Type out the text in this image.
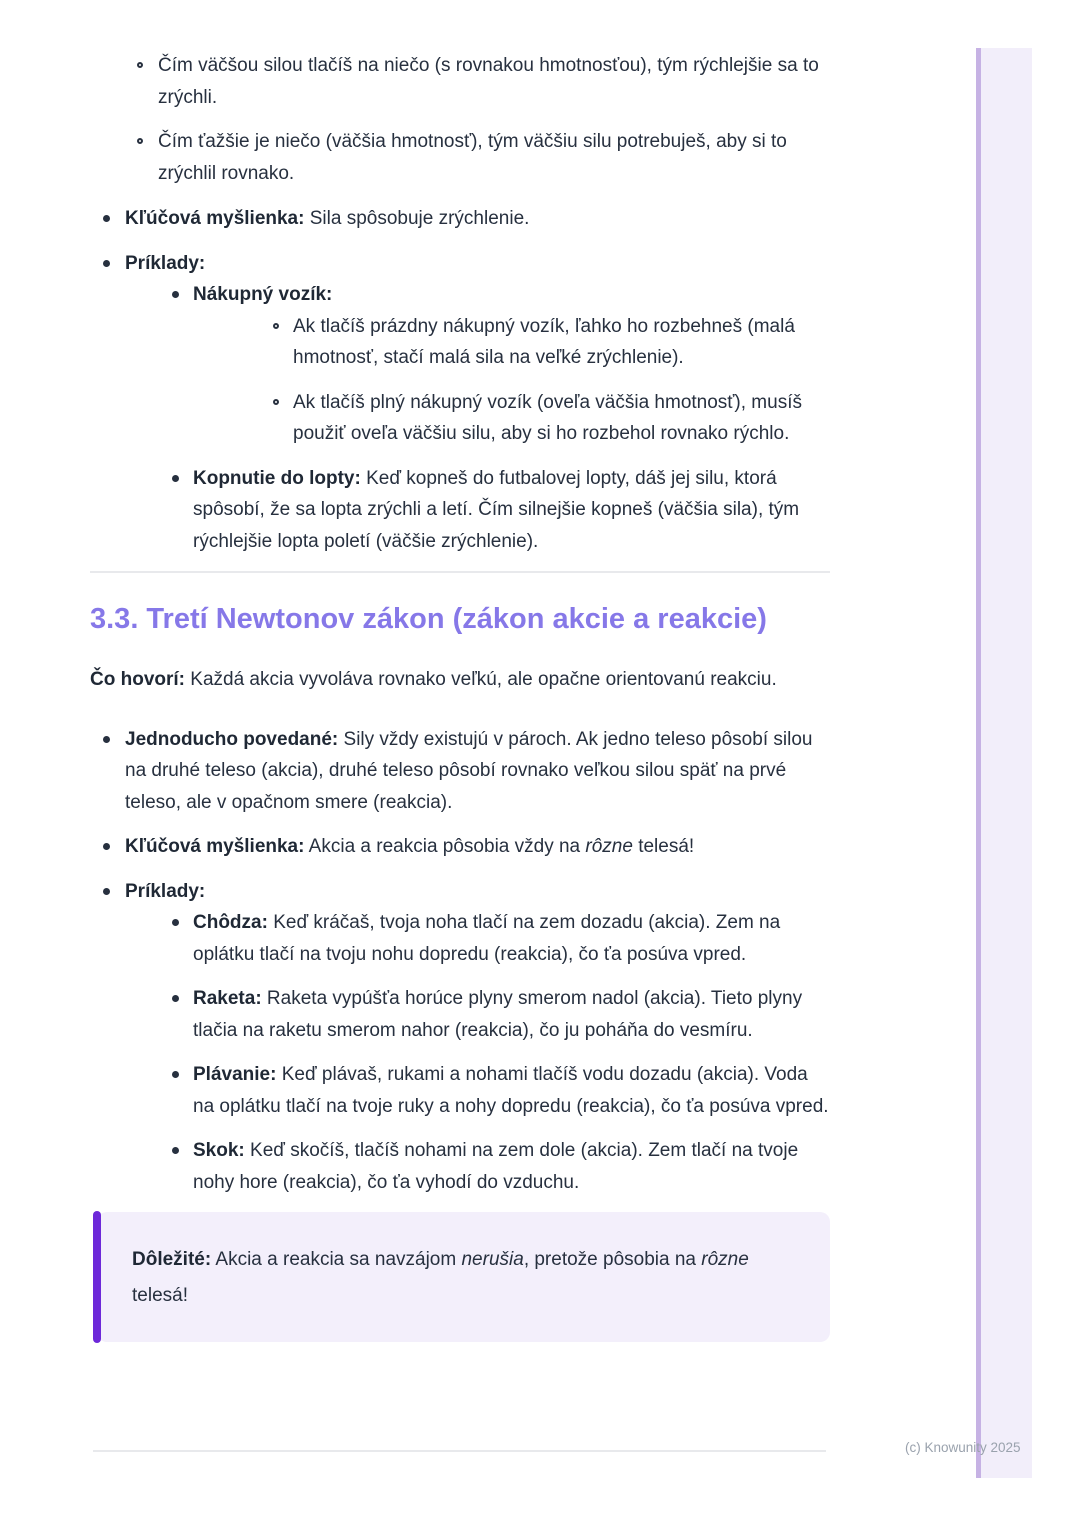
Čím väčšou silou tlačíš na niečo (s rovnakou hmotnosťou), tým rýchlejšie sa to zrýchli.
Čím ťažšie je niečo (väčšia hmotnosť), tým väčšiu silu potrebuješ, aby si to zrýchlil rovnako.
Kľúčová myšlienka: Sila spôsobuje zrýchlenie.
Príklady:
Nákupný vozík:
Ak tlačíš prázdny nákupný vozík, ľahko ho rozbehneš (malá hmotnosť, stačí malá sila na veľké zrýchlenie).
Ak tlačíš plný nákupný vozík (oveľa väčšia hmotnosť), musíš použiť oveľa väčšiu silu, aby si ho rozbehol rovnako rýchlo.
Kopnutie do lopty: Keď kopneš do futbalovej lopty, dáš jej silu, ktorá spôsobí, že sa lopta zrýchli a letí. Čím silnejšie kopneš (väčšia sila), tým rýchlejšie lopta poletí (väčšie zrýchlenie).
3.3. Tretí Newtonov zákon (zákon akcie a reakcie)

Čo hovorí: Každá akcia vyvoláva rovnako veľkú, ale opačne orientovanú reakciu.

Jednoducho povedané: Sily vždy existujú v pároch. Ak jedno teleso pôsobí silou na druhé teleso (akcia), druhé teleso pôsobí rovnako veľkou silou späť na prvé teleso, ale v opačnom smere (reakcia).
Kľúčová myšlienka: Akcia a reakcia pôsobia vždy na rôzne telesá!
Príklady:
Chôdza: Keď kráčaš, tvoja noha tlačí na zem dozadu (akcia). Zem na oplátku tlačí na tvoju nohu dopredu (reakcia), čo ťa posúva vpred.
Raketa: Raketa vypúšťa horúce plyny smerom nadol (akcia). Tieto plyny tlačia na raketu smerom nahor (reakcia), čo ju poháňa do vesmíru.
Plávanie: Keď plávaš, rukami a nohami tlačíš vodu dozadu (akcia). Voda na oplátku tlačí na tvoje ruky a nohy dopredu (reakcia), čo ťa posúva vpred.
Skok: Keď skočíš, tlačíš nohami na zem dole (akcia). Zem tlačí na tvoje nohy hore (reakcia), čo ťa vyhodí do vzduchu.
Dôležité: Akcia a reakcia sa navzájom nerušia, pretože pôsobia na rôzne telesá!
(c) Knowunity 2025
